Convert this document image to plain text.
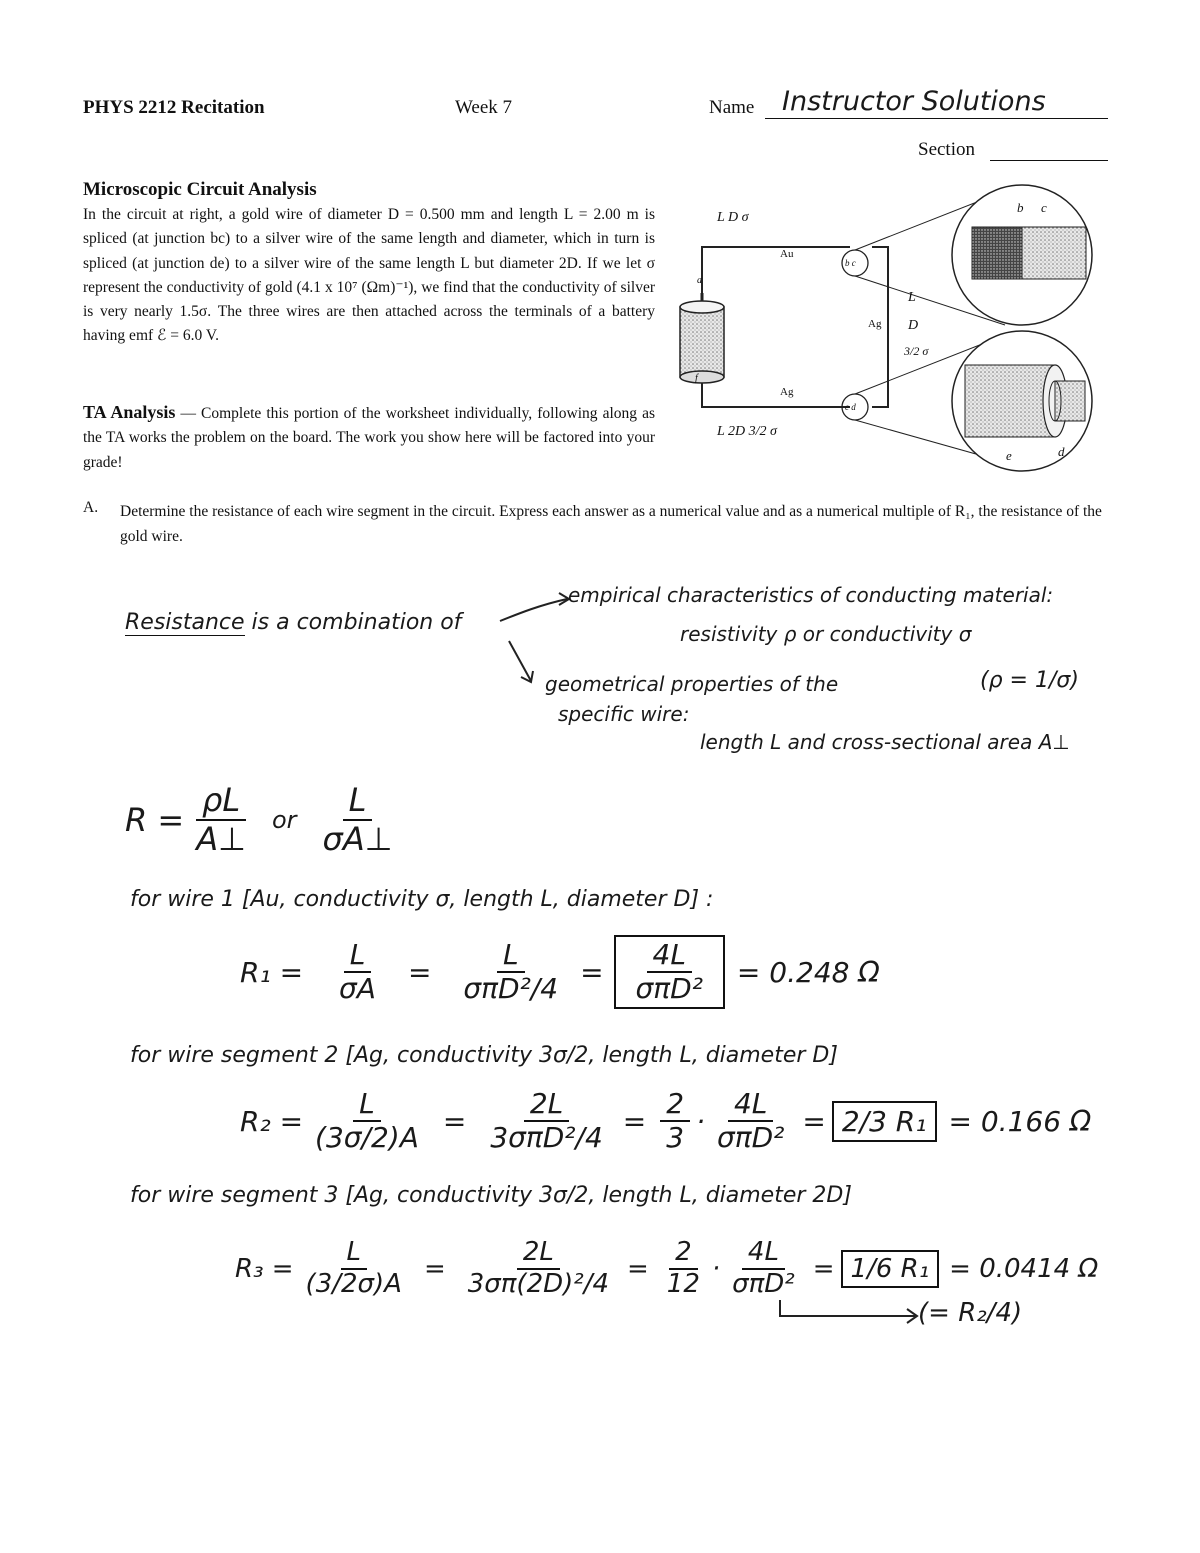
PHYS 2212 Recitation	Week 7	Name Instructor Solutions
Section
Microscopic Circuit Analysis
In the circuit at right, a gold wire of diameter D = 0.500 mm and length L = 2.00 m is spliced (at junction bc) to a silver wire of the same length and diameter, which in turn is spliced (at junction de) to a silver wire of the same length L but diameter 2D. If we let σ represent the conductivity of gold (4.1 x 10⁷ (Ωm)⁻¹), we find that the conductivity of silver is very nearly 1.5σ. The three wires are then attached across the terminals of a battery having emf ℰ = 6.0 V.
TA Analysis — Complete this portion of the worksheet individually, following along as the TA works the problem on the board. The work you show here will be factored into your grade!
L D σ
Au
Ag
Ag
L
D
3/2 σ
L 2D 3/2 σ
a
f
b c
e d
b c
e	d
A. Determine the resistance of each wire segment in the circuit. Express each answer as a numerical value and as a numerical multiple of R₁, the resistance of the gold wire.
Resistance is a combination of
empirical characteristics of conducting material:
resistivity ρ or conductivity σ
(ρ = 1/σ)
geometrical properties of the
specific wire:
length L and cross-sectional area A⊥
$R = \frac{\rho L}{A\perp}$ or $\frac{L}{\sigma A\perp}$
for wire 1 [Au, conductivity σ, length L, diameter D] :
$R_1 = \frac{L}{\sigma A} = \frac{L}{\text{σπD²/4}} = \frac{4L}{\text{σπD²}} = 0.248$ Ω
for wire segment 2 [Ag, conductivity 3σ/2, length L, diameter D]
$R_2 = \frac{L}{(3\sigma/2)A} = \frac{2L}{\text{3σπD²/4}} = \frac{2}{3} \cdot \frac{4L}{\text{σπD²}} = 2/3$ R₁ = 0.166 Ω
for wire segment 3 [Ag, conductivity 3σ/2, length L, diameter 2D]
$R_3 = \frac{L}{(3/2\sigma)A} = \frac{2L}{\text{3σπ(2D)²/4}} = \frac{2}{12} \cdot \frac{4L}{\text{σπD²}} = 1/6$ R₁ = 0.0414 Ω
(= R₂/4)
